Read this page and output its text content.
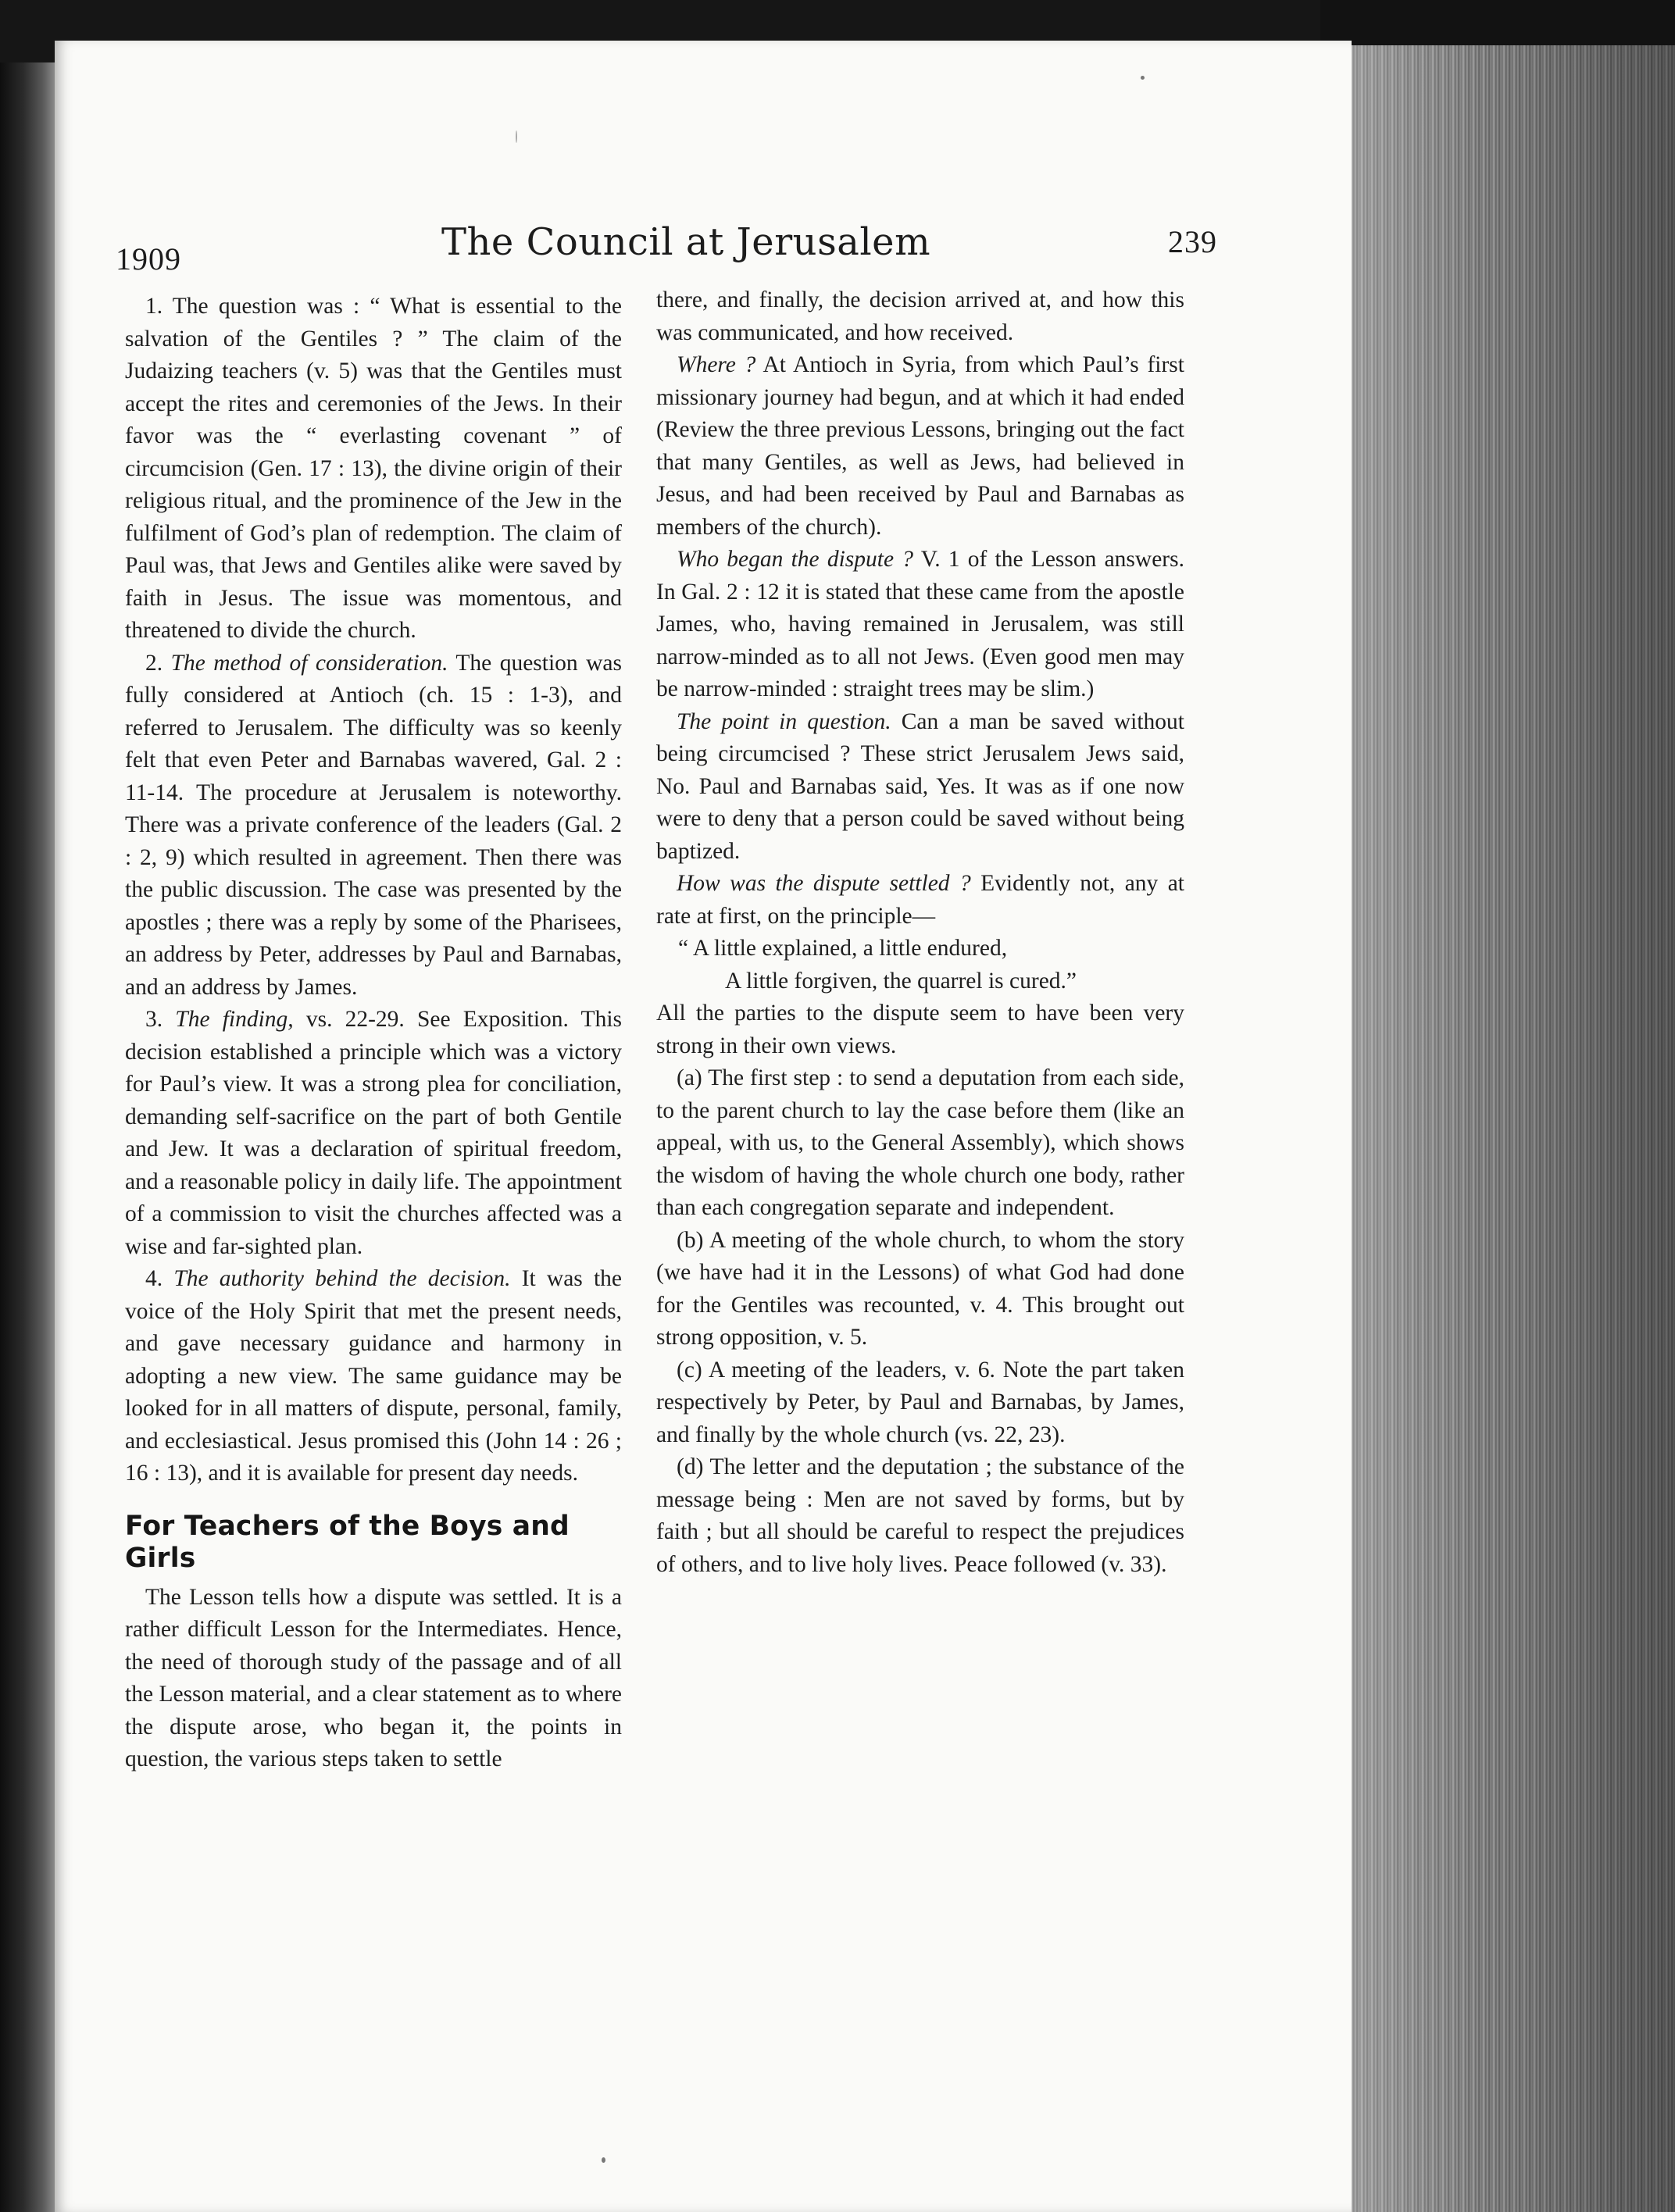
1909	The Council at Jerusalem	239

1. The question was : “ What is essential to the salvation of the Gentiles ? ” The claim of the Judaizing teachers (v. 5) was that the Gentiles must accept the rites and ceremonies of the Jews. In their favor was the “ everlasting covenant ” of circumcision (Gen. 17 : 13), the divine origin of their religious ritual, and the prominence of the Jew in the fulfilment of God’s plan of redemption. The claim of Paul was, that Jews and Gentiles alike were saved by faith in Jesus. The issue was momentous, and threatened to divide the church.

2. The method of consideration. The question was fully considered at Antioch (ch. 15 : 1-3), and referred to Jerusalem. The difficulty was so keenly felt that even Peter and Barnabas wavered, Gal. 2 : 11-14. The procedure at Jerusalem is noteworthy. There was a private conference of the leaders (Gal. 2 : 2, 9) which resulted in agreement. Then there was the public discussion. The case was presented by the apostles ; there was a reply by some of the Pharisees, an address by Peter, addresses by Paul and Barnabas, and an address by James.

3. The finding, vs. 22-29. See Exposition. This decision established a principle which was a victory for Paul’s view. It was a strong plea for conciliation, demanding self-sacrifice on the part of both Gentile and Jew. It was a declaration of spiritual freedom, and a reasonable policy in daily life. The appointment of a commission to visit the churches affected was a wise and far-sighted plan.

4. The authority behind the decision. It was the voice of the Holy Spirit that met the present needs, and gave necessary guidance and harmony in adopting a new view. The same guidance may be looked for in all matters of dispute, personal, family, and ecclesiastical. Jesus promised this (John 14 : 26 ; 16 : 13), and it is available for present day needs.

For Teachers of the Boys and Girls

The Lesson tells how a dispute was settled. It is a rather difficult Lesson for the Intermediates. Hence, the need of thorough study of the passage and of all the Lesson material, and a clear statement as to where the dispute arose, who began it, the points in question, the various steps taken to settle

there, and finally, the decision arrived at, and how this was communicated, and how received.

Where ? At Antioch in Syria, from which Paul’s first missionary journey had begun, and at which it had ended (Review the three previous Lessons, bringing out the fact that many Gentiles, as well as Jews, had believed in Jesus, and had been received by Paul and Barnabas as members of the church).

Who began the dispute ? V. 1 of the Lesson answers. In Gal. 2 : 12 it is stated that these came from the apostle James, who, having remained in Jerusalem, was still narrow-minded as to all not Jews. (Even good men may be narrow-minded : straight trees may be slim.)

The point in question. Can a man be saved without being circumcised ? These strict Jerusalem Jews said, No. Paul and Barnabas said, Yes. It was as if one now were to deny that a person could be saved without being baptized.

How was the dispute settled ? Evidently not, any at rate at first, on the principle—

“ A little explained, a little endured,

A little forgiven, the quarrel is cured.”

All the parties to the dispute seem to have been very strong in their own views.

(a) The first step : to send a deputation from each side, to the parent church to lay the case before them (like an appeal, with us, to the General Assembly), which shows the wisdom of having the whole church one body, rather than each congregation separate and independent.

(b) A meeting of the whole church, to whom the story (we have had it in the Lessons) of what God had done for the Gentiles was recounted, v. 4. This brought out strong opposition, v. 5.

(c) A meeting of the leaders, v. 6. Note the part taken respectively by Peter, by Paul and Barnabas, by James, and finally by the whole church (vs. 22, 23).

(d) The letter and the deputation ; the substance of the message being : Men are not saved by forms, but by faith ; but all should be careful to respect the prejudices of others, and to live holy lives. Peace followed (v. 33).
